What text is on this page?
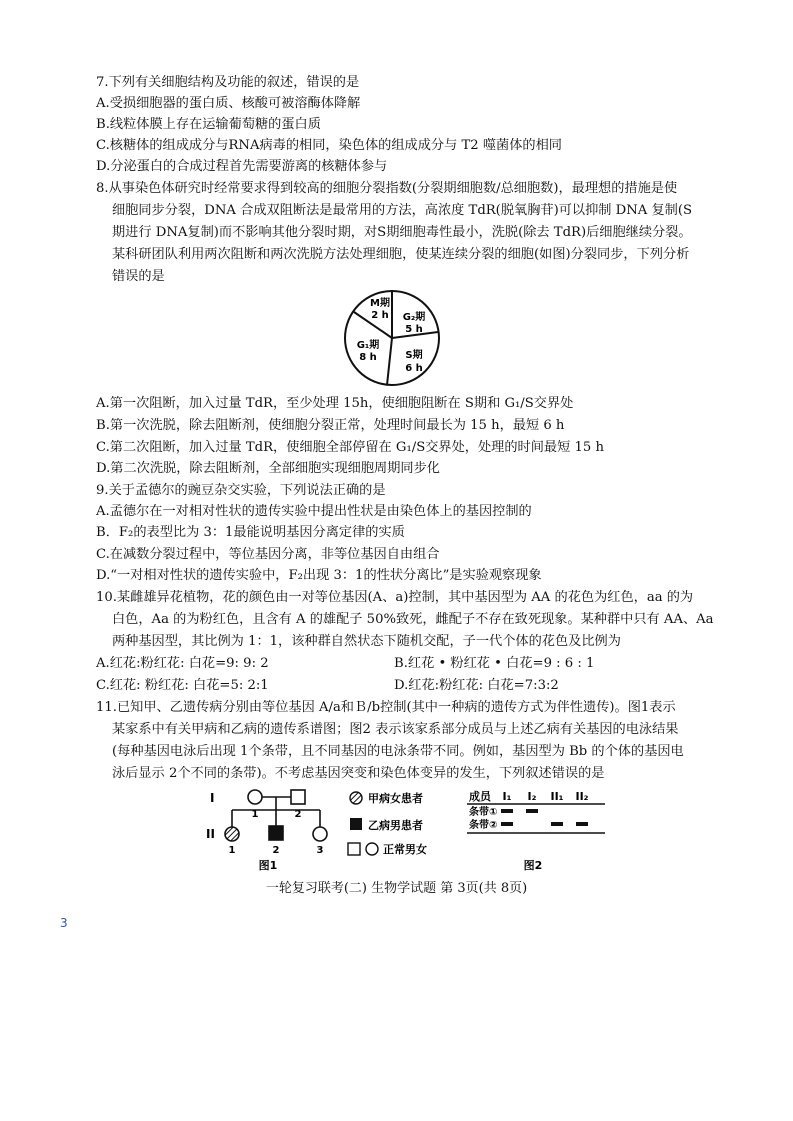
7.下列有关细胞结构及功能的叙述，错误的是
A.受损细胞器的蛋白质、核酸可被溶酶体降解
B.线粒体膜上存在运输葡萄糖的蛋白质
C.核糖体的组成成分与RNA病毒的相同，染色体的组成成分与 T2 噬菌体的相同
D.分泌蛋白的合成过程首先需要游离的核糖体参与
8.从事染色体研究时经常要求得到较高的细胞分裂指数(分裂期细胞数/总细胞数)，最理想的措施是使
细胞同步分裂，DNA 合成双阻断法是最常用的方法，高浓度 TdR(脱氧胸苷)可以抑制 DNA 复制(S
期进行 DNA复制)而不影响其他分裂时期，对S期细胞毒性最小，洗脱(除去 TdR)后细胞继续分裂。
某科研团队利用两次阻断和两次洗脱方法处理细胞，使某连续分裂的细胞(如图)分裂同步，下列分析
错误的是
M期
2 h G₂期
5 h
S期
6 h
G₁期
8 h
A.第一次阻断，加入过量 TdR，至少处理 15h，使细胞阻断在 S期和 G₁/S交界处
B.第一次洗脱，除去阻断剂，使细胞分裂正常，处理时间最长为 15 h，最短 6 h
C.第二次阻断，加入过量 TdR，使细胞全部停留在 G₁/S交界处，处理的时间最短 15 h
D.第二次洗脱，除去阻断剂，全部细胞实现细胞周期同步化
9.关于孟德尔的豌豆杂交实验，下列说法正确的是
A.孟德尔在一对相对性状的遗传实验中提出性状是由染色体上的基因控制的
B．F₂的表型比为 3：1最能说明基因分离定律的实质
C.在减数分裂过程中，等位基因分离，非等位基因自由组合
D.“一对相对性状的遗传实验中，F₂出现 3：1的性状分离比”是实验观察现象
10.某雌雄异花植物，花的颜色由一对等位基因(A、a)控制，其中基因型为 AA 的花色为红色，aa 的为
白色，Aa 的为粉红色，且含有 A 的雄配子 50%致死，雌配子不存在致死现象。某种群中只有 AA、Aa
两种基因型，其比例为 1：1，该种群自然状态下随机交配，子一代个体的花色及比例为
A.红花:粉红花: 白花=9: 9: 2	B.红花 • 粉红花 • 白花=9 : 6 : 1
C.红花: 粉红花: 白花=5: 2:1	D.红花:粉红花: 白花=7:3:2
11.已知甲、乙遗传病分别由等位基因 A/a和Ｂ/b控制(其中一种病的遗传方式为伴性遗传)。图1表示
某家系中有关甲病和乙病的遗传系谱图；图2 表示该家系部分成员与上述乙病有关基因的电泳结果
(每种基因电泳后出现 1个条带，且不同基因的电泳条带不同。例如，基因型为 Bb 的个体的基因电
泳后显示 2个不同的条带)。不考虑基因突变和染色体变异的发生，下列叙述错误的是
I
II
1	2
1	2	3
图1
甲病女患者
乙病男患者
正常男女
成员 I₁ I₂ II₁ II₂
条带①
条带②
图2
一轮复习联考(二) 生物学试题 第 3页(共 8页)
3
